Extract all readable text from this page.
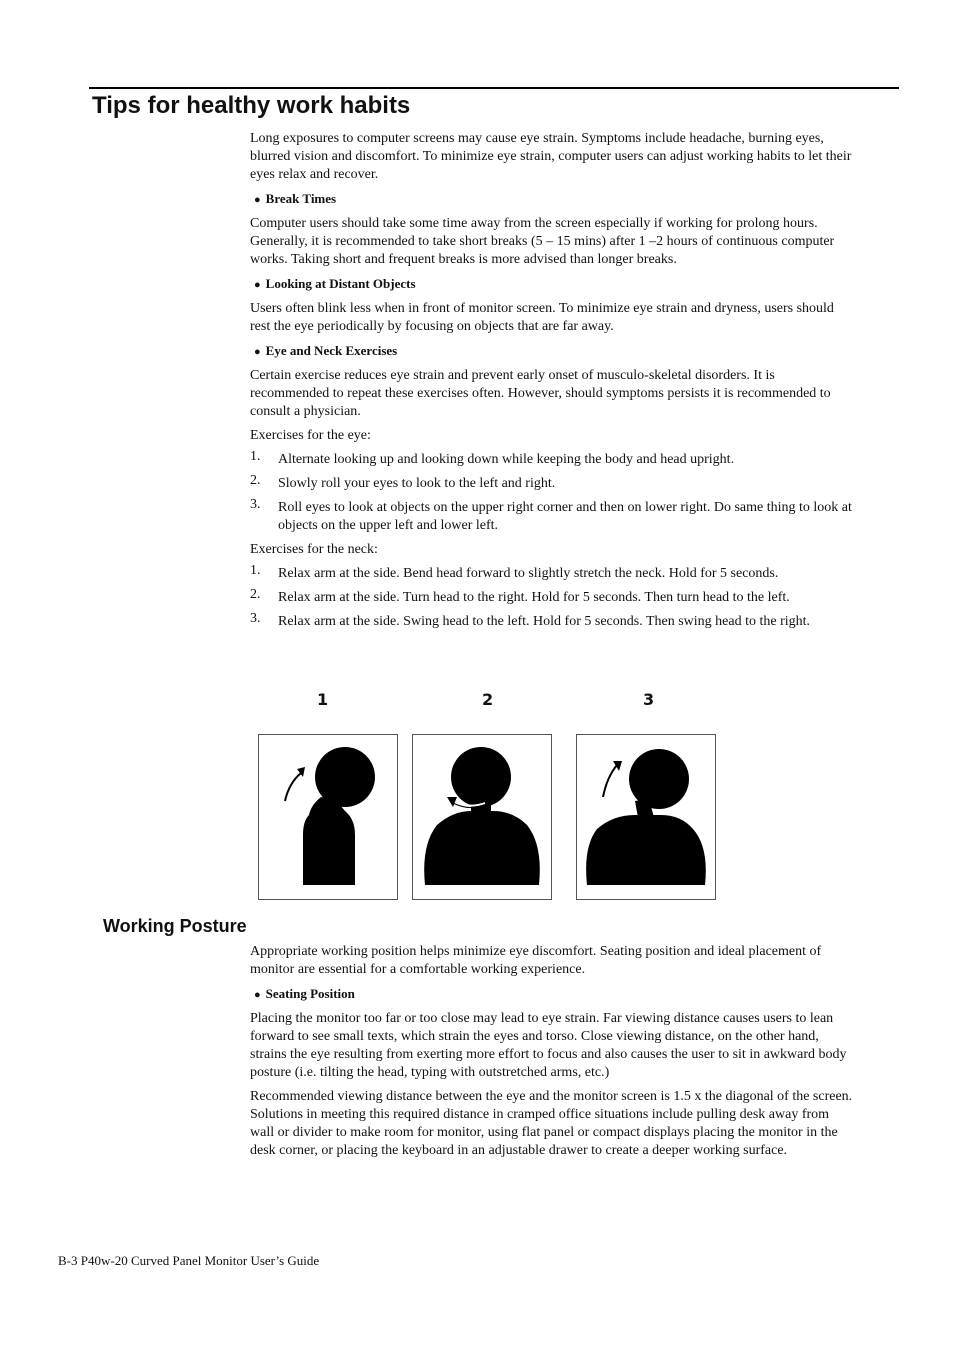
Tips for healthy work habits

Long exposures to computer screens may cause eye strain. Symptoms include headache, burning eyes, blurred vision and discomfort. To minimize eye strain, computer users can adjust working habits to let their eyes relax and recover.

● Break Times

Computer users should take some time away from the screen especially if working for prolong hours. Generally, it is recommended to take short breaks (5 – 15 mins) after 1 –2 hours of continuous computer works. Taking short and frequent breaks is more advised than longer breaks.

● Looking at Distant Objects

Users often blink less when in front of monitor screen. To minimize eye strain and dryness, users should rest the eye periodically by focusing on objects that are far away.

● Eye and Neck Exercises

Certain exercise reduces eye strain and prevent early onset of musculo-skeletal disorders. It is recommended to repeat these exercises often. However, should symptoms persists it is recommended to consult a physician.

Exercises for the eye:

1. Alternate looking up and looking down while keeping the body and head upright.
2. Slowly roll your eyes to look to the left and right.
3. Roll eyes to look at objects on the upper right corner and then on lower right. Do same thing to look at objects on the upper left and lower left.

Exercises for the neck:

1. Relax arm at the side. Bend head forward to slightly stretch the neck. Hold for 5 seconds.
2. Relax arm at the side. Turn head to the right. Hold for 5 seconds. Then turn head to the left.
3. Relax arm at the side. Swing head to the left. Hold for 5 seconds. Then swing head to the right.
1	2	3
Working Posture

Appropriate working position helps minimize eye discomfort. Seating position and ideal placement of monitor are essential for a comfortable working experience.

● Seating Position

Placing the monitor too far or too close may lead to eye strain. Far viewing distance causes users to lean forward to see small texts, which strain the eyes and torso. Close viewing distance, on the other hand, strains the eye resulting from exerting more effort to focus and also causes the user to sit in awkward body posture (i.e. tilting the head, typing with outstretched arms, etc.)

Recommended viewing distance between the eye and the monitor screen is 1.5 x the diagonal of the screen. Solutions in meeting this required distance in cramped office situations include pulling desk away from wall or divider to make room for monitor, using flat panel or compact displays placing the monitor in the desk corner, or placing the keyboard in an adjustable drawer to create a deeper working surface.

B-3 P40w-20 Curved Panel Monitor User’s Guide
